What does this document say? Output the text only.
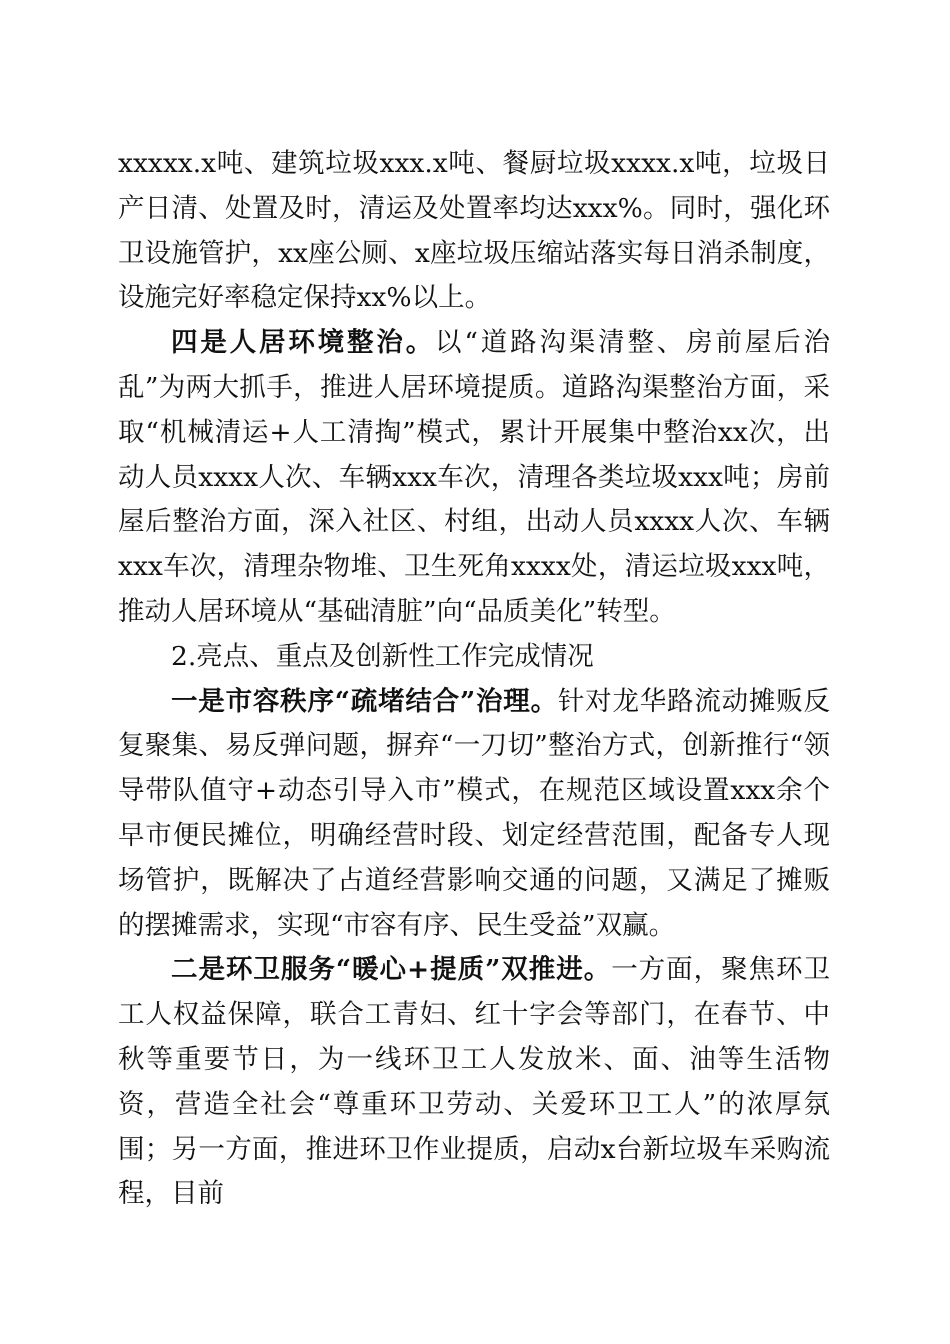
xxxxx.x吨、建筑垃圾xxx.x吨、餐厨垃圾xxxx.x吨，垃圾日产日清、处置及时，清运及处置率均达xxx%。同时，强化环卫设施管护，xx座公厕、x座垃圾压缩站落实每日消杀制度，设施完好率稳定保持xx%以上。

四是人居环境整治。以“道路沟渠清整、房前屋后治乱”为两大抓手，推进人居环境提质。道路沟渠整治方面，采取“机械清运+人工清掏”模式，累计开展集中整治xx次，出动人员xxxx人次、车辆xxx车次，清理各类垃圾xxx吨；房前屋后整治方面，深入社区、村组，出动人员xxxx人次、车辆xxx车次，清理杂物堆、卫生死角xxxx处，清运垃圾xxx吨，推动人居环境从“基础清脏”向“品质美化”转型。

2.亮点、重点及创新性工作完成情况

一是市容秩序“疏堵结合”治理。针对龙华路流动摊贩反复聚集、易反弹问题，摒弃“一刀切”整治方式，创新推行“领导带队值守+动态引导入市”模式，在规范区域设置xxx余个早市便民摊位，明确经营时段、划定经营范围，配备专人现场管护，既解决了占道经营影响交通的问题，又满足了摊贩的摆摊需求，实现“市容有序、民生受益”双赢。

二是环卫服务“暖心+提质”双推进。一方面，聚焦环卫工人权益保障，联合工青妇、红十字会等部门，在春节、中秋等重要节日，为一线环卫工人发放米、面、油等生活物资，营造全社会“尊重环卫劳动、关爱环卫工人”的浓厚氛围；另一方面，推进环卫作业提质，启动x台新垃圾车采购流程，目前
